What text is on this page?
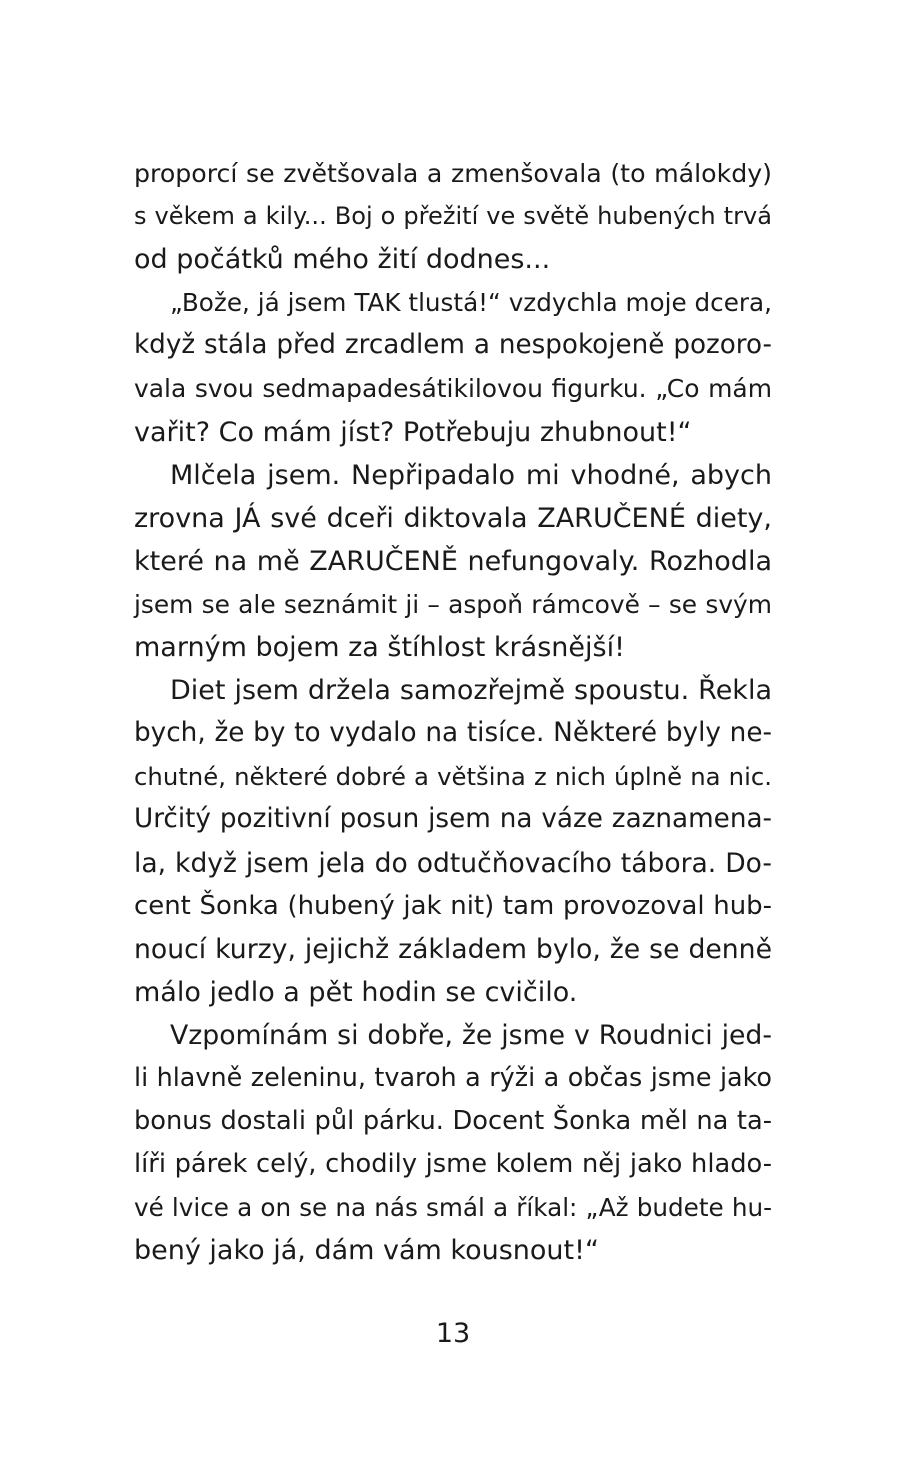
proporcí se zvětšovala a zmenšovala (to málokdy)
s věkem a kily... Boj o přežití ve světě hubených trvá
od počátků mého žití dodnes...
„Bože, já jsem TAK tlustá!“ vzdychla moje dcera,
když stála před zrcadlem a nespokojeně pozoro-
vala svou sedmapadesátikilovou figurku. „Co mám
vařit? Co mám jíst? Potřebuju zhubnout!“
Mlčela jsem. Nepřipadalo mi vhodné, abych
zrovna JÁ své dceři diktovala ZARUČENÉ diety,
které na mě ZARUČENĚ nefungovaly. Rozhodla
jsem se ale seznámit ji – aspoň rámcově – se svým
marným bojem za štíhlost krásnější!
Diet jsem držela samozřejmě spoustu. Řekla
bych, že by to vydalo na tisíce. Některé byly ne-
chutné, některé dobré a většina z nich úplně na nic.
Určitý pozitivní posun jsem na váze zaznamena-
la, když jsem jela do odtučňovacího tábora. Do-
cent Šonka (hubený jak nit) tam provozoval hub-
noucí kurzy, jejichž základem bylo, že se denně
málo jedlo a pět hodin se cvičilo.
Vzpomínám si dobře, že jsme v Roudnici jed-
li hlavně zeleninu, tvaroh a rýži a občas jsme jako
bonus dostali půl párku. Docent Šonka měl na ta-
líři párek celý, chodily jsme kolem něj jako hlado-
vé lvice a on se na nás smál a říkal: „Až budete hu-
bený jako já, dám vám kousnout!“
13
